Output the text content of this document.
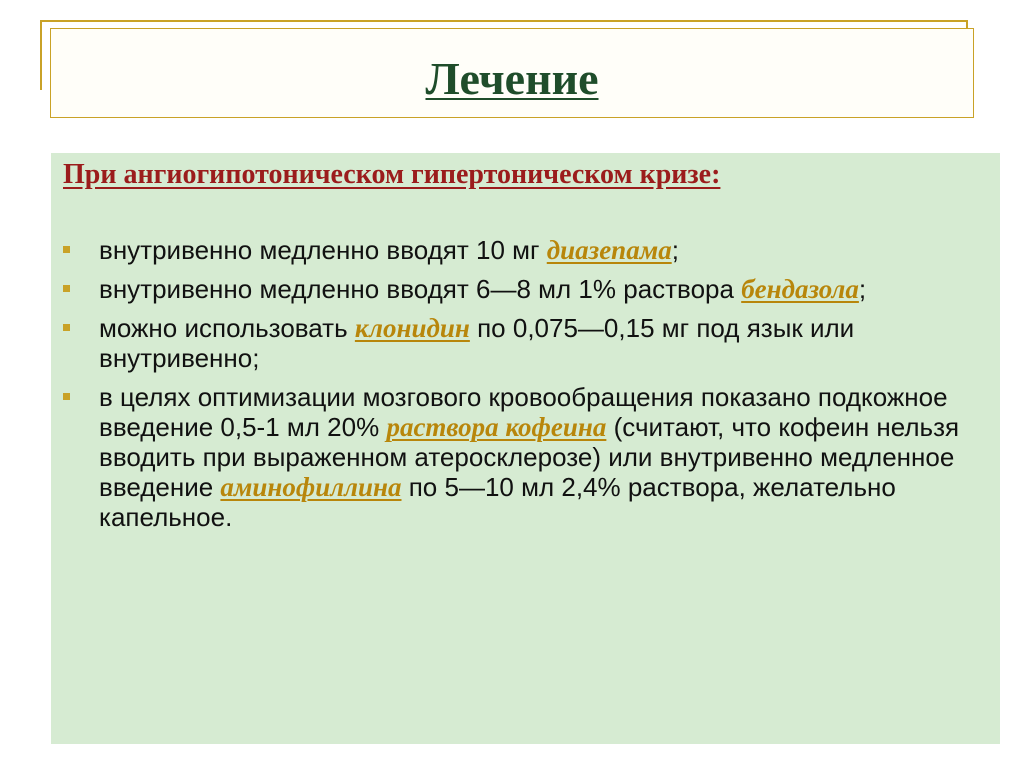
Лечение
При ангиогипотоническом гипертоническом кризе:
внутривенно медленно вводят 10 мг диазепама;
внутривенно медленно вводят 6—8 мл 1% раствора бендазола;
можно использовать клонидин по 0,075—0,15 мг под язык или внутривенно;
в целях оптимизации мозгового кровообращения показано подкожное введение 0,5-1 мл 20% раствора кофеина (считают, что кофеин нельзя вводить при выраженном атеросклерозе) или внутривенно медленное введение аминофиллина по 5—10 мл 2,4% раствора, желательно капельное.
